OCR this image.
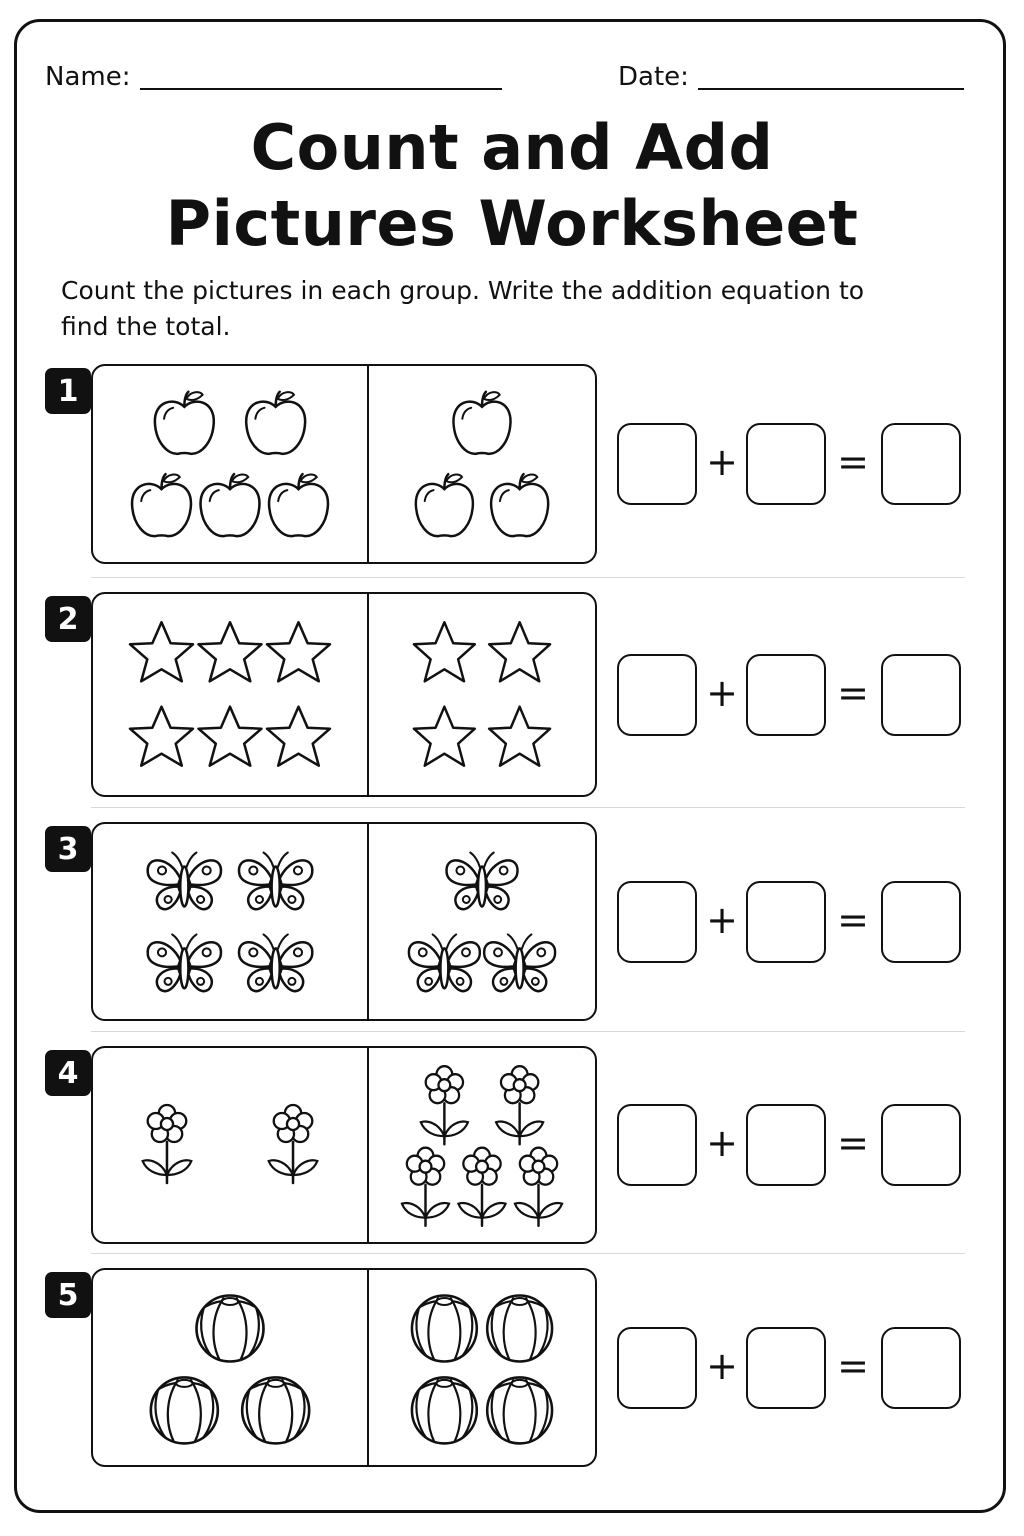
Name:	Date:
Count and Add
Pictures Worksheet
Count the pictures in each group. Write the addition equation to find the total.
1
+	=
2
+	=
3
+	=
4
+	=
5
+	=
